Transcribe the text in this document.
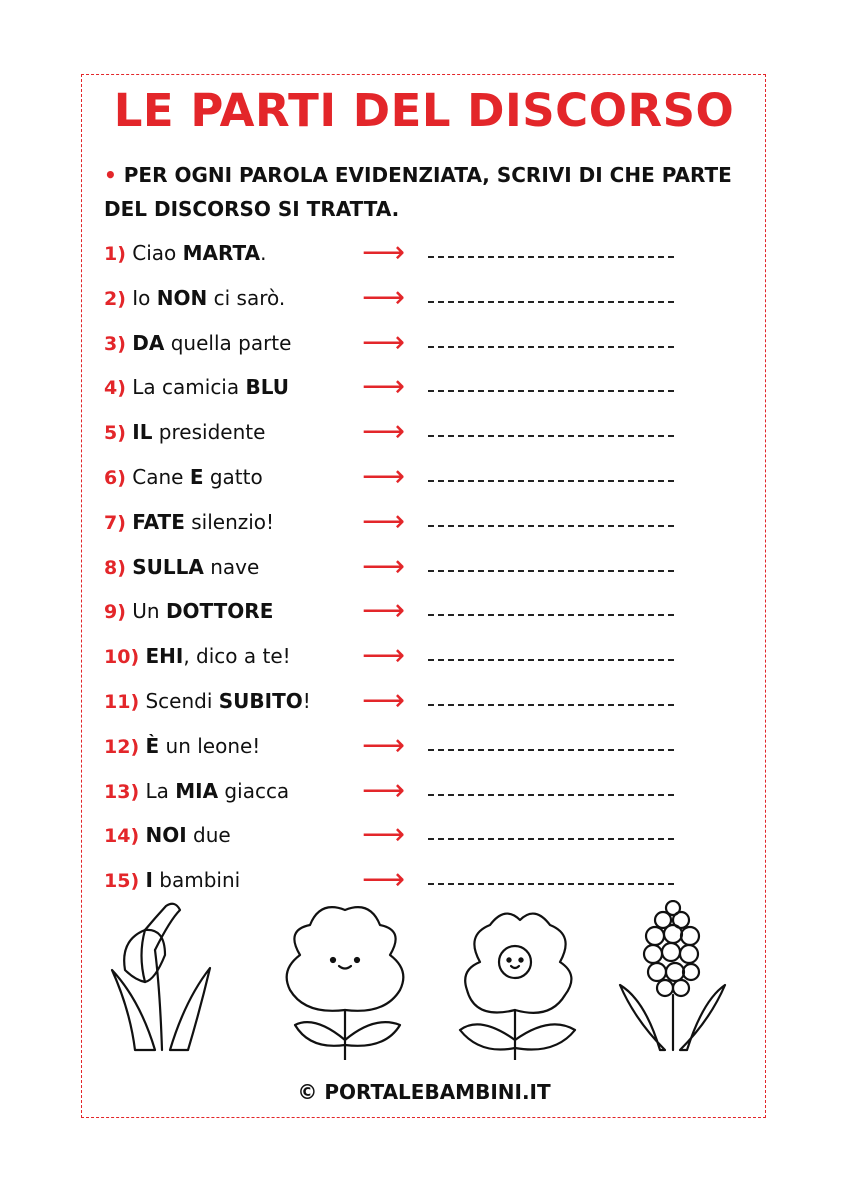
LE PARTI DEL DISCORSO
• PER OGNI PAROLA EVIDENZIATA, SCRIVI DI CHE PARTE DEL DISCORSO SI TRATTA.
1) Ciao MARTA.	⟶
2) Io NON ci sarò.	⟶
3) DA quella parte ⟶
4) La camicia BLU ⟶
5) IL presidente	⟶
6) Cane E gatto	⟶
7) FATE silenzio!	⟶
8) SULLA nave	⟶
9) Un DOTTORE	⟶
10) EHI, dico a te! ⟶
11) Scendi SUBITO! ⟶
12) È un leone!	⟶
13) La MIA giacca ⟶
14) NOI due	⟶
15) I bambini	⟶
© PORTALEBAMBINI.IT
